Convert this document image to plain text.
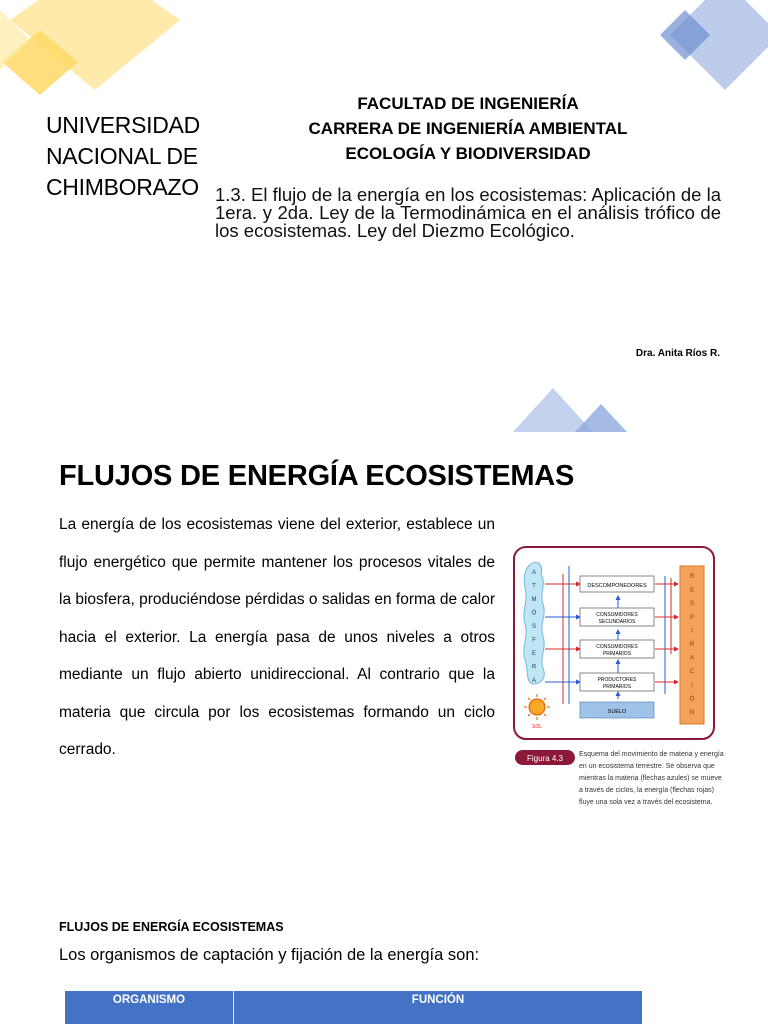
UNIVERSIDAD
NACIONAL DE
CHIMBORAZO
FACULTAD DE INGENIERÍA
CARRERA DE INGENIERÍA AMBIENTAL
ECOLOGÍA Y BIODIVERSIDAD
1.3. El flujo de la energía en los ecosistemas: Aplicación de la 1era. y 2da. Ley de la Termodinámica en el análisis trófico de los ecosistemas. Ley del Diezmo Ecológico.
Dra. Anita Ríos R.
FLUJOS DE ENERGÍA ECOSISTEMAS
La energía de los ecosistemas viene del exterior, establece un flujo energético que permite mantener los procesos vitales de la biosfera, produciéndose pérdidas o salidas en forma de calor hacia el exterior. La energía pasa de unos niveles a otros mediante un flujo abierto unidireccional. Al contrario que la materia que circula por los ecosistemas formando un ciclo cerrado.
A
T
M
Ó
S
F
E
R
A
R
E
S
P
I
R
A
C
I
Ó
N
DESCOMPONEDORES
CONSUMIDORES
SECUNDARIOS
CONSUMIDORES
PRIMARIOS
PRODUCTORES
PRIMARIOS
SUELO
SOL
Figura 4.3 Esquema del movimiento de materia y energía en un ecosistema terrestre. Se observa que mientras la materia (flechas azules) se mueve a través de ciclos, la energía (flechas rojas) fluye una sola vez a través del ecosistema.
FLUJOS DE ENERGÍA ECOSISTEMAS
Los organismos de captación y fijación de la energía son:
ORGANISMO	FUNCIÓN
